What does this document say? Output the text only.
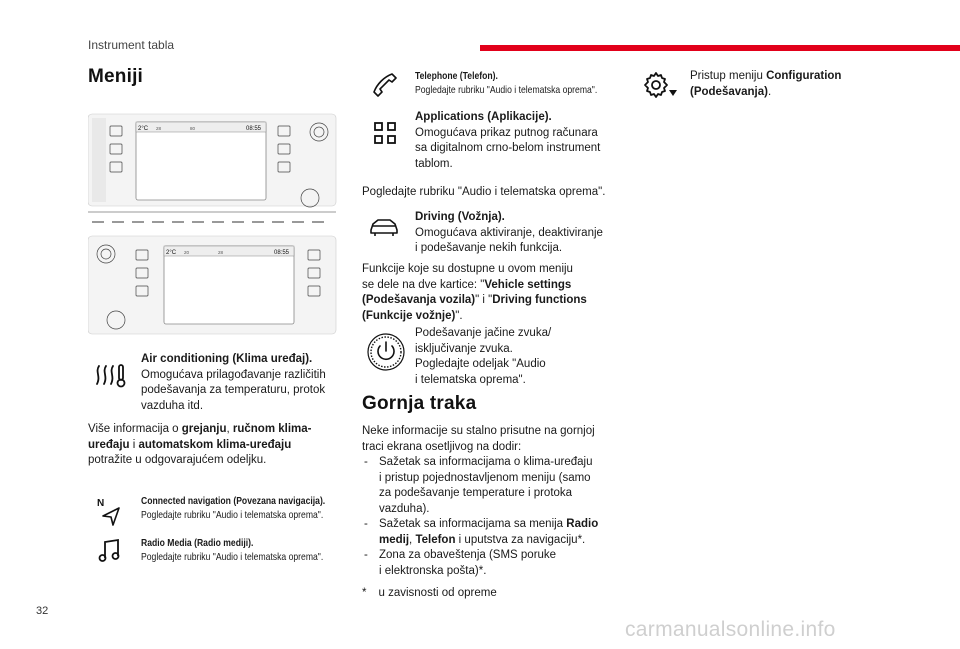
Instrument tabla
Meniji
2°C 28	80	08:55
2°C 20	28	08:55
Air conditioning (Klima uređaj).
Omogućava prilagođavanje različitih
podešavanja za temperaturu, protok
vazduha itd.
Više informacija o grejanju, ručnom klima-
uređaju i automatskom klima-uređaju
potražite u odgovarajućem odeljku.
N	Connected navigation (Povezana navigacija).
Pogledajte rubriku "Audio i telematska oprema".
Radio Media (Radio mediji).
Pogledajte rubriku "Audio i telematska oprema".
Telephone (Telefon).
Pogledajte rubriku "Audio i telematska oprema".
Applications (Aplikacije).
Omogućava prikaz putnog računara
sa digitalnom crno-belom instrument
tablom.
Pogledajte rubriku "Audio i telematska oprema".
Driving (Vožnja).
Omogućava aktiviranje, deaktiviranje
i podešavanje nekih funkcija.
Funkcije koje su dostupne u ovom meniju
se dele na dve kartice: "Vehicle settings
(Podešavanja vozila)" i "Driving functions
(Funkcije vožnje)".
Podešavanje jačine zvuka/
isključivanje zvuka.
Pogledajte odeljak "Audio
i telematska oprema".
Gornja traka
Neke informacije su stalno prisutne na gornjoj
traci ekrana osetljivog na dodir:
- Sažetak sa informacijama o klima-uređaju
i pristup pojednostavljenom meniju (samo
za podešavanje temperature i protoka
vazduha).
- Sažetak sa informacijama sa menija Radio
medij, Telefon i uputstva za navigaciju*.
- Zona za obaveštenja (SMS poruke
i elektronska pošta)*.
* u zavisnosti od opreme
Pristup meniju Configuration
(Podešavanja).
32
carmanualsonline.info
